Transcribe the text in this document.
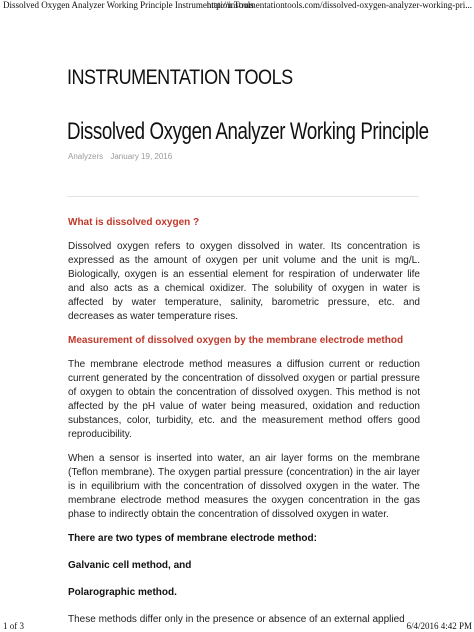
Dissolved Oxygen Analyzer Working Principle Instrumentation Tools
http://instrumentationtools.com/dissolved-oxygen-analyzer-working-pri...
INSTRUMENTATION TOOLS
Dissolved Oxygen Analyzer Working Principle
Analyzers January 19, 2016
What is dissolved oxygen ?

Dissolved oxygen refers to oxygen dissolved in water. Its concentration is expressed as the amount of oxygen per unit volume and the unit is mg/L. Biologically, oxygen is an essential element for respiration of underwater life and also acts as a chemical oxidizer. The solubility of oxygen in water is affected by water temperature, salinity, barometric pressure, etc. and decreases as water temperature rises.

Measurement of dissolved oxygen by the membrane electrode method

The membrane electrode method measures a diffusion current or reduction current generated by the concentration of dissolved oxygen or partial pressure of oxygen to obtain the concentration of dissolved oxygen. This method is not affected by the pH value of water being measured, oxidation and reduction substances, color, turbidity, etc. and the measurement method offers good reproducibility.

When a sensor is inserted into water, an air layer forms on the membrane (Teflon membrane). The oxygen partial pressure (concentration) in the air layer is in equilibrium with the concentration of dissolved oxygen in the water. The membrane electrode method measures the oxygen concentration in the gas phase to indirectly obtain the concentration of dissolved oxygen in water.

There are two types of membrane electrode method:

Galvanic cell method, and

Polarographic method.

These methods differ only in the presence or absence of an external applied

1 of 3	6/4/2016 4:42 PM
